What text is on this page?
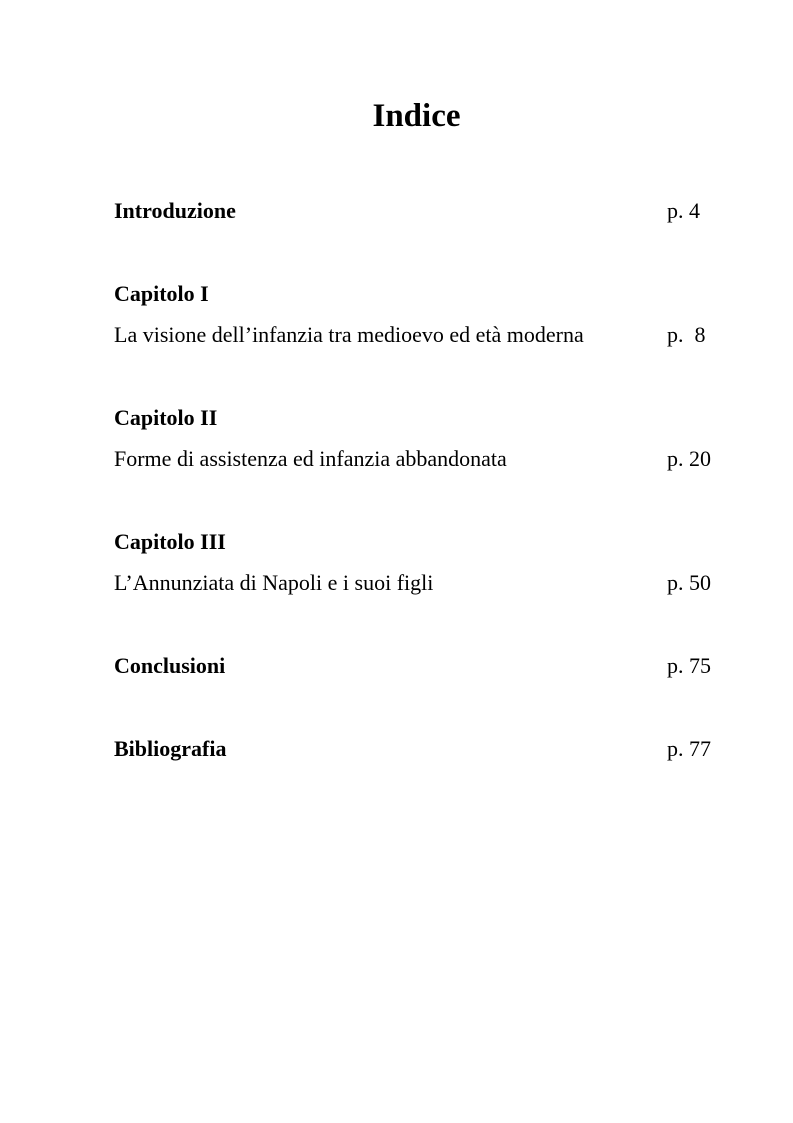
Indice
Introduzione	p. 4
Capitolo I
La visione dell’infanzia tra medioevo ed età moderna	p.  8
Capitolo II
Forme di assistenza ed infanzia abbandonata	p. 20
Capitolo III
L’Annunziata di Napoli e i suoi figli	p. 50
Conclusioni	p. 75
Bibliografia	p. 77
